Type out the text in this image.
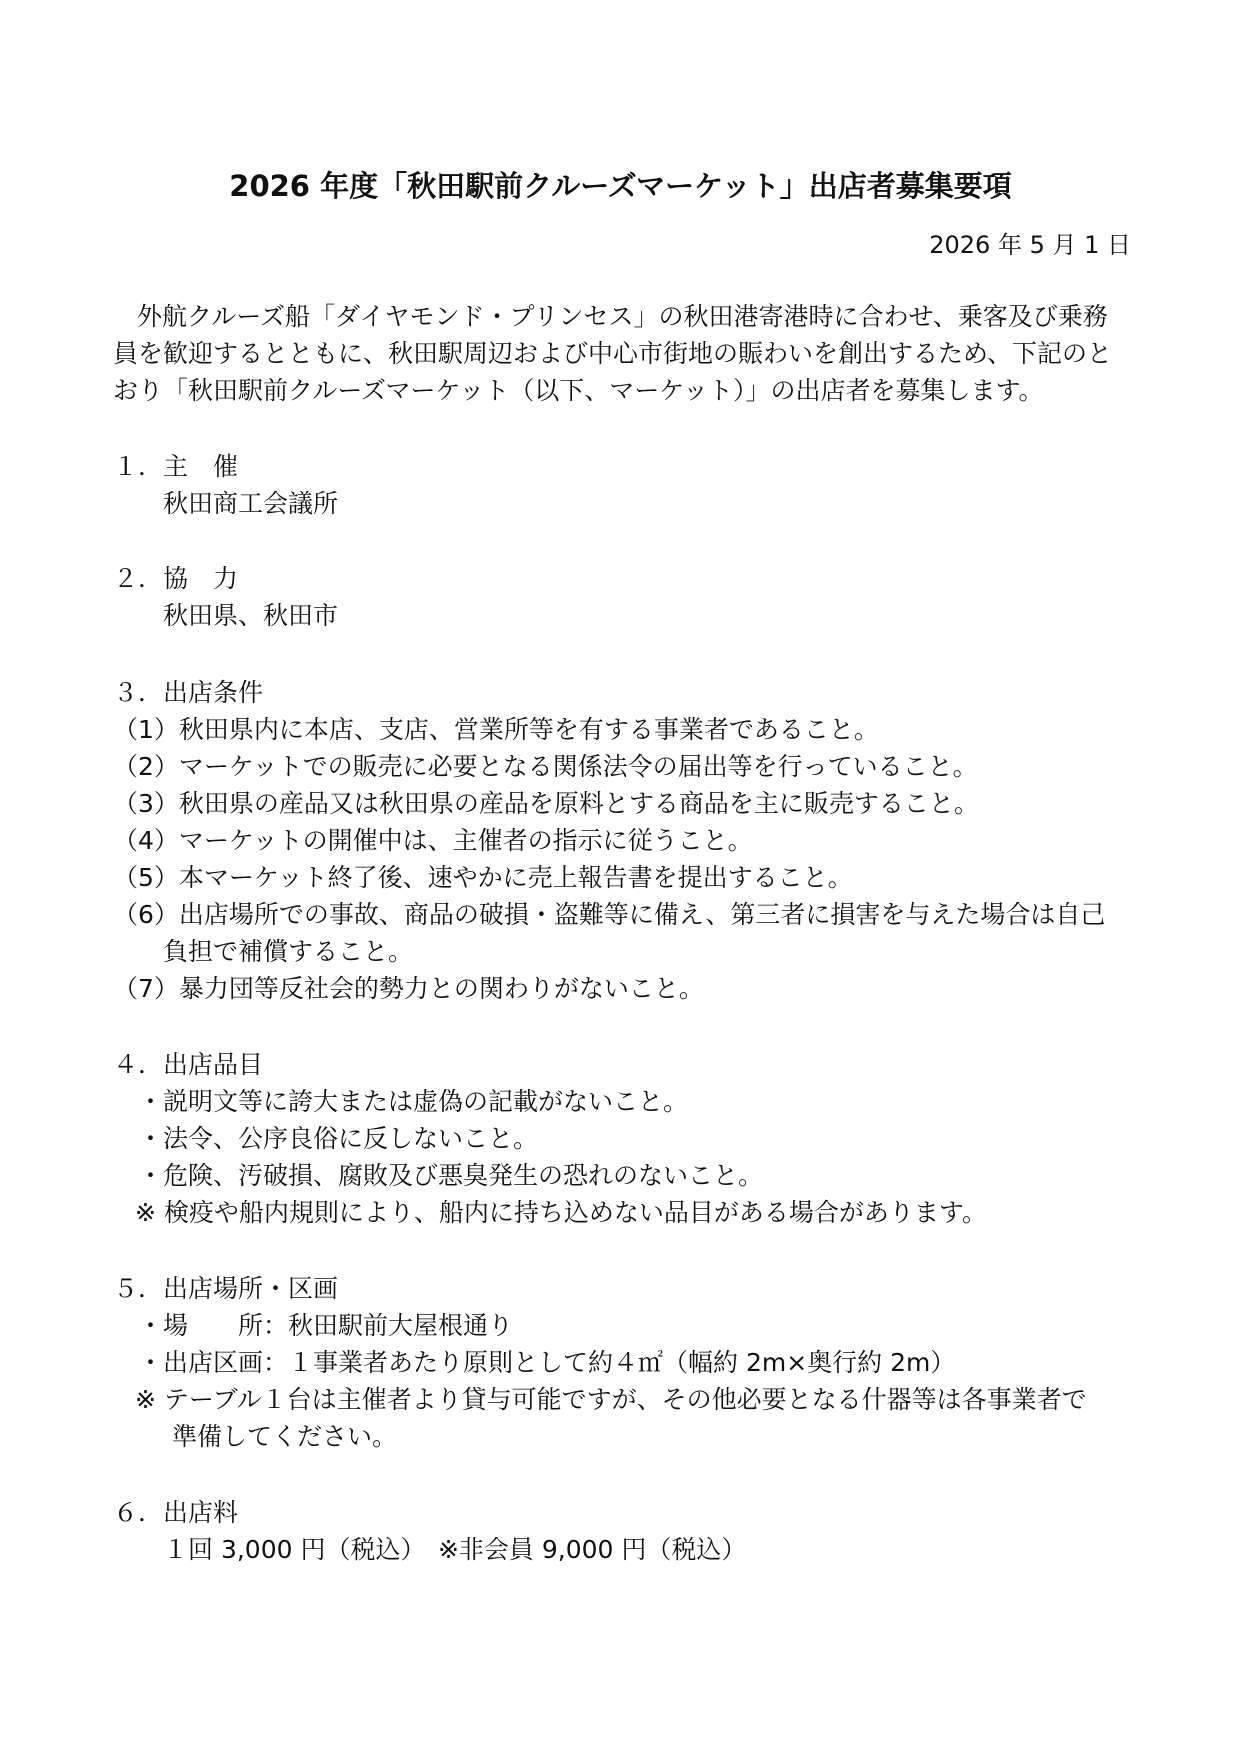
2026 年度「秋田駅前クルーズマーケット」出店者募集要項
2026 年 5 月 1 日
外航クルーズ船「ダイヤモンド・プリンセス」の秋田港寄港時に合わせ、乗客及び乗務
員を歓迎するとともに、秋田駅周辺および中心市街地の賑わいを創出するため、下記のと
おり「秋田駅前クルーズマーケット（以下、マーケット）」の出店者を募集します。
１．主　催
秋田商工会議所
２．協　力
秋田県、秋田市
３．出店条件
（1）秋田県内に本店、支店、営業所等を有する事業者であること。
（2）マーケットでの販売に必要となる関係法令の届出等を行っていること。
（3）秋田県の産品又は秋田県の産品を原料とする商品を主に販売すること。
（4）マーケットの開催中は、主催者の指示に従うこと。
（5）本マーケット終了後、速やかに売上報告書を提出すること。
（6）出店場所での事故、商品の破損・盗難等に備え、第三者に損害を与えた場合は自己
負担で補償すること。
（7）暴力団等反社会的勢力との関わりがないこと。
４．出店品目
・説明文等に誇大または虚偽の記載がないこと。
・法令、公序良俗に反しないこと。
・危険、汚破損、腐敗及び悪臭発生の恐れのないこと。
※ 検疫や船内規則により、船内に持ち込めない品目がある場合があります。
５．出店場所・区画
・場　　所：秋田駅前大屋根通り
・出店区画：１事業者あたり原則として約４㎡（幅約 2m×奥行約 2m）
※ テーブル１台は主催者より貸与可能ですが、その他必要となる什器等は各事業者で
準備してください。
６．出店料
１回 3,000 円（税込）　※非会員 9,000 円（税込）
